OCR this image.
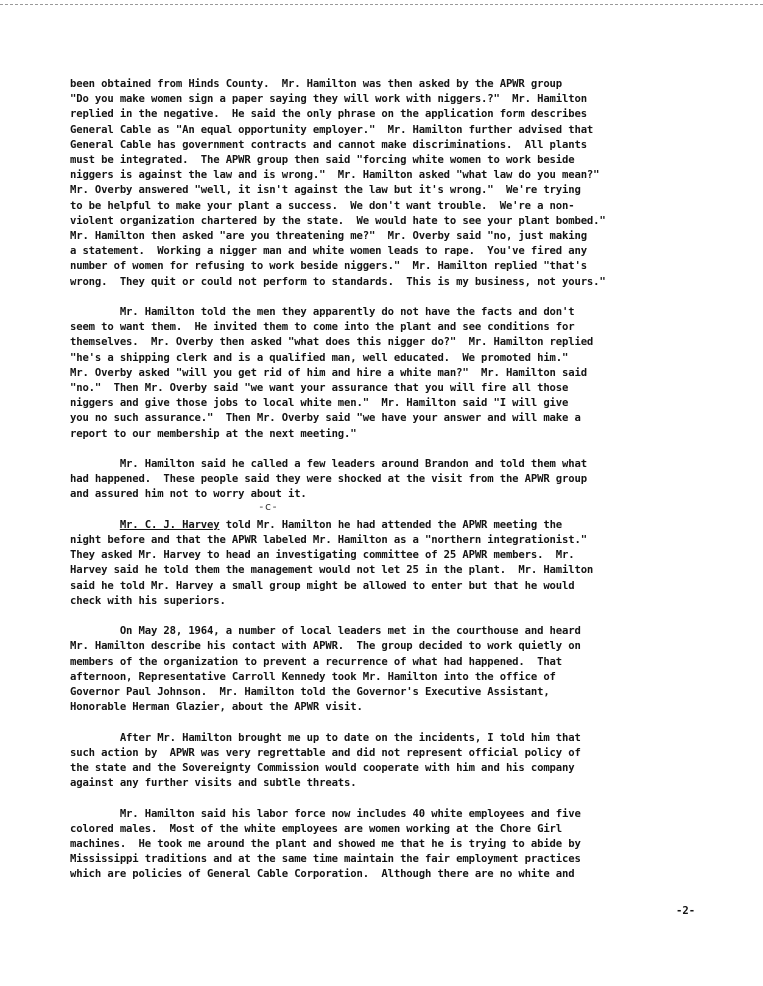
been obtained from Hinds County.  Mr. Hamilton was then asked by the APWR group
"Do you make women sign a paper saying they will work with niggers.?"  Mr. Hamilton
replied in the negative.  He said the only phrase on the application form describes
General Cable as "An equal opportunity employer."  Mr. Hamilton further advised that
General Cable has government contracts and cannot make discriminations.  All plants
must be integrated.  The APWR group then said "forcing white women to work beside
niggers is against the law and is wrong."  Mr. Hamilton asked "what law do you mean?"
Mr. Overby answered "well, it isn't against the law but it's wrong."  We're trying
to be helpful to make your plant a success.  We don't want trouble.  We're a non-
violent organization chartered by the state.  We would hate to see your plant bombed."
Mr. Hamilton then asked "are you threatening me?"  Mr. Overby said "no, just making
a statement.  Working a nigger man and white women leads to rape.  You've fired any
number of women for refusing to work beside niggers."  Mr. Hamilton replied "that's
wrong.  They quit or could not perform to standards.  This is my business, not yours."
Mr. Hamilton told the men they apparently do not have the facts and don't
seem to want them.  He invited them to come into the plant and see conditions for
themselves.  Mr. Overby then asked "what does this nigger do?"  Mr. Hamilton replied
"he's a shipping clerk and is a qualified man, well educated.  We promoted him."
Mr. Overby asked "will you get rid of him and hire a white man?"  Mr. Hamilton said
"no."  Then Mr. Overby said "we want your assurance that you will fire all those
niggers and give those jobs to local white men."  Mr. Hamilton said "I will give
you no such assurance."  Then Mr. Overby said "we have your answer and will make a
report to our membership at the next meeting."
Mr. Hamilton said he called a few leaders around Brandon and told them what
had happened.  These people said they were shocked at the visit from the APWR group
and assured him not to worry about it.
Mr. C. J. Harvey told Mr. Hamilton he had attended the APWR meeting the
night before and that the APWR labeled Mr. Hamilton as a "northern integrationist."
They asked Mr. Harvey to head an investigating committee of 25 APWR members.  Mr.
Harvey said he told them the management would not let 25 in the plant.  Mr. Hamilton
said he told Mr. Harvey a small group might be allowed to enter but that he would
check with his superiors.
On May 28, 1964, a number of local leaders met in the courthouse and heard
Mr. Hamilton describe his contact with APWR.  The group decided to work quietly on
members of the organization to prevent a recurrence of what had happened.  That
afternoon, Representative Carroll Kennedy took Mr. Hamilton into the office of
Governor Paul Johnson.  Mr. Hamilton told the Governor's Executive Assistant,
Honorable Herman Glazier, about the APWR visit.
After Mr. Hamilton brought me up to date on the incidents, I told him that
such action by  APWR was very regrettable and did not represent official policy of
the state and the Sovereignty Commission would cooperate with him and his company
against any further visits and subtle threats.
Mr. Hamilton said his labor force now includes 40 white employees and five
colored males.  Most of the white employees are women working at the Chore Girl
machines.  He took me around the plant and showed me that he is trying to abide by
Mississippi traditions and at the same time maintain the fair employment practices
which are policies of General Cable Corporation.  Although there are no white and
-c-
-2-
